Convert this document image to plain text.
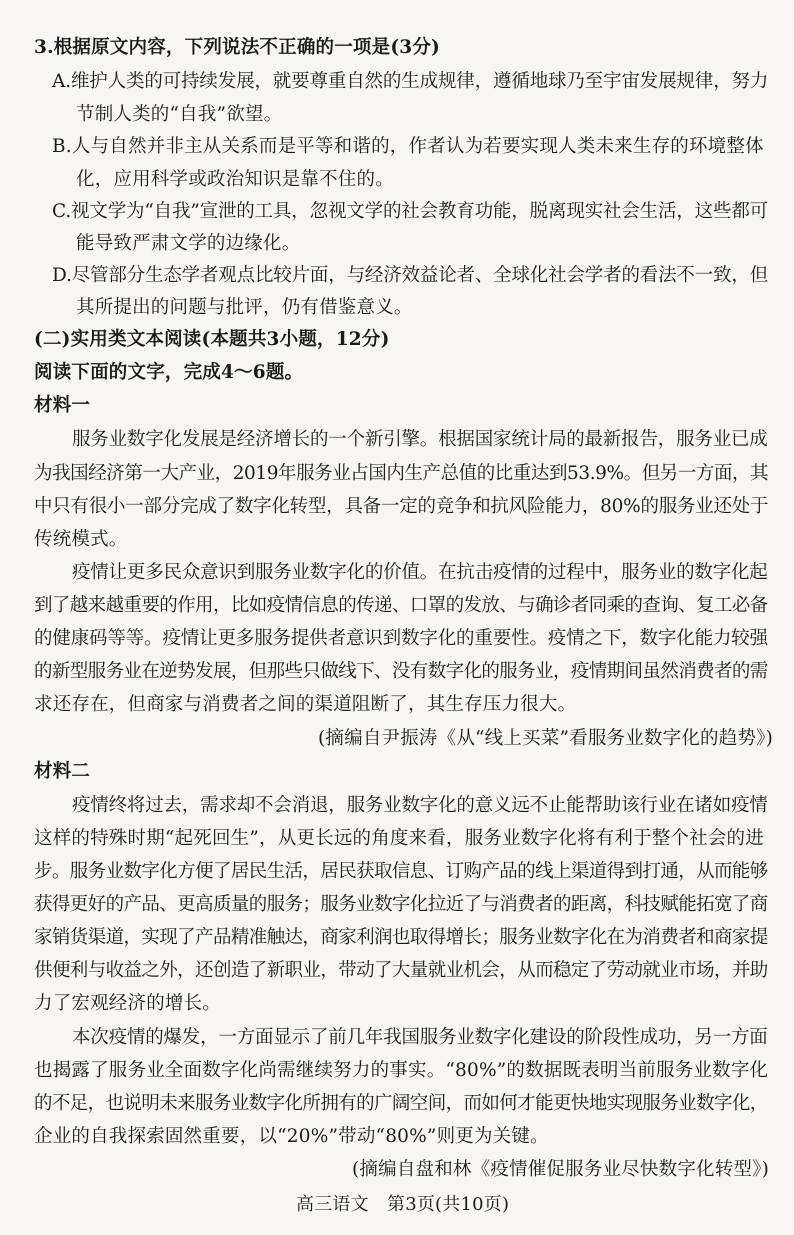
3.根据原文内容，下列说法不正确的一项是(3分)
A.维护人类的可持续发展，就要尊重自然的生成规律，遵循地球乃至宇宙发展规律，努力
节制人类的“自我”欲望。
B.人与自然并非主从关系而是平等和谐的，作者认为若要实现人类未来生存的环境整体
化，应用科学或政治知识是靠不住的。
C.视文学为“自我”宣泄的工具，忽视文学的社会教育功能，脱离现实社会生活，这些都可
能导致严肃文学的边缘化。
D.尽管部分生态学者观点比较片面，与经济效益论者、全球化社会学者的看法不一致，但
其所提出的问题与批评，仍有借鉴意义。
(二)实用类文本阅读(本题共3小题，12分)
阅读下面的文字，完成4～6题。
材料一
服务业数字化发展是经济增长的一个新引擎。根据国家统计局的最新报告，服务业已成
为我国经济第一大产业，2019年服务业占国内生产总值的比重达到53.9%。但另一方面，其
中只有很小一部分完成了数字化转型，具备一定的竞争和抗风险能力，80%的服务业还处于
传统模式。
疫情让更多民众意识到服务业数字化的价值。在抗击疫情的过程中，服务业的数字化起
到了越来越重要的作用，比如疫情信息的传递、口罩的发放、与确诊者同乘的查询、复工必备
的健康码等等。疫情让更多服务提供者意识到数字化的重要性。疫情之下，数字化能力较强
的新型服务业在逆势发展，但那些只做线下、没有数字化的服务业，疫情期间虽然消费者的需
求还存在，但商家与消费者之间的渠道阻断了，其生存压力很大。
(摘编自尹振涛《从“线上买菜”看服务业数字化的趋势》)
材料二
疫情终将过去，需求却不会消退，服务业数字化的意义远不止能帮助该行业在诸如疫情
这样的特殊时期“起死回生”，从更长远的角度来看，服务业数字化将有利于整个社会的进
步。服务业数字化方便了居民生活，居民获取信息、订购产品的线上渠道得到打通，从而能够
获得更好的产品、更高质量的服务；服务业数字化拉近了与消费者的距离，科技赋能拓宽了商
家销货渠道，实现了产品精准触达，商家利润也取得增长；服务业数字化在为消费者和商家提
供便利与收益之外，还创造了新职业，带动了大量就业机会，从而稳定了劳动就业市场，并助
力了宏观经济的增长。
本次疫情的爆发，一方面显示了前几年我国服务业数字化建设的阶段性成功，另一方面
也揭露了服务业全面数字化尚需继续努力的事实。“80%”的数据既表明当前服务业数字化
的不足，也说明未来服务业数字化所拥有的广阔空间，而如何才能更快地实现服务业数字化，
企业的自我探索固然重要，以“20%”带动“80%”则更为关键。
(摘编自盘和林《疫情催促服务业尽快数字化转型》)
高三语文　第3页(共10页)
